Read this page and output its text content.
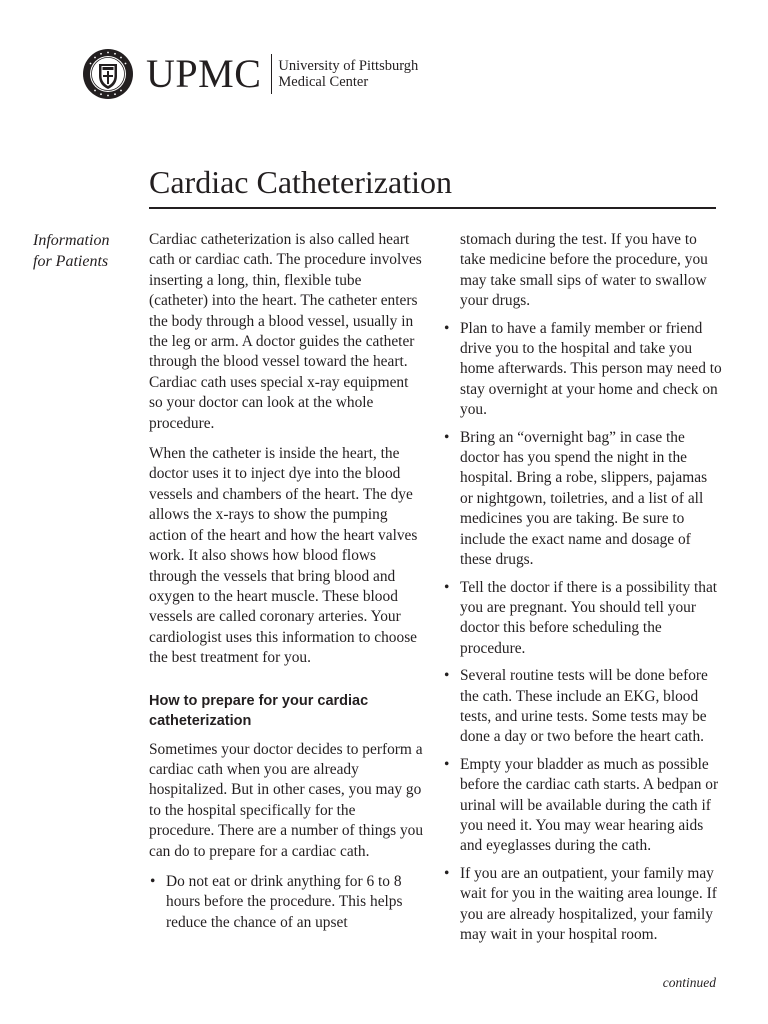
UPMC	University of Pittsburgh
Medical Center
Cardiac Catheterization
Information
for Patients

Cardiac catheterization is also called heart cath or cardiac cath. The procedure involves inserting a long, thin, flexible tube (catheter) into the heart. The catheter enters the body through a blood vessel, usually in the leg or arm. A doctor guides the catheter through the blood vessel toward the heart. Cardiac cath uses special x-ray equipment so your doctor can look at the whole procedure.

When the catheter is inside the heart, the doctor uses it to inject dye into the blood vessels and chambers of the heart. The dye allows the x-rays to show the pumping action of the heart and how the heart valves work. It also shows how blood flows through the vessels that bring blood and oxygen to the heart muscle. These blood vessels are called coronary arteries. Your cardiologist uses this information to choose the best treatment for you.

How to prepare for your cardiac catheterization

Sometimes your doctor decides to perform a cardiac cath when you are already hospitalized. But in other cases, you may go to the hospital specifically for the procedure. There are a number of things you can do to prepare for a cardiac cath.

• Do not eat or drink anything for 6 to 8 hours before the procedure. This helps reduce the chance of an upset
stomach during the test. If you have to take medicine before the procedure, you may take small sips of water to swallow your drugs.
• Plan to have a family member or friend drive you to the hospital and take you home afterwards. This person may need to stay overnight at your home and check on you.
• Bring an “overnight bag” in case the doctor has you spend the night in the hospital. Bring a robe, slippers, pajamas or nightgown, toiletries, and a list of all medicines you are taking. Be sure to include the exact name and dosage of these drugs.
• Tell the doctor if there is a possibility that you are pregnant. You should tell your doctor this before scheduling the procedure.
• Several routine tests will be done before the cath. These include an EKG, blood tests, and urine tests. Some tests may be done a day or two before the heart cath.
• Empty your bladder as much as possible before the cardiac cath starts. A bedpan or urinal will be available during the cath if you need it. You may wear hearing aids and eyeglasses during the cath.
• If you are an outpatient, your family may wait for you in the waiting area lounge. If you are already hospitalized, your family may wait in your hospital room.
continued
